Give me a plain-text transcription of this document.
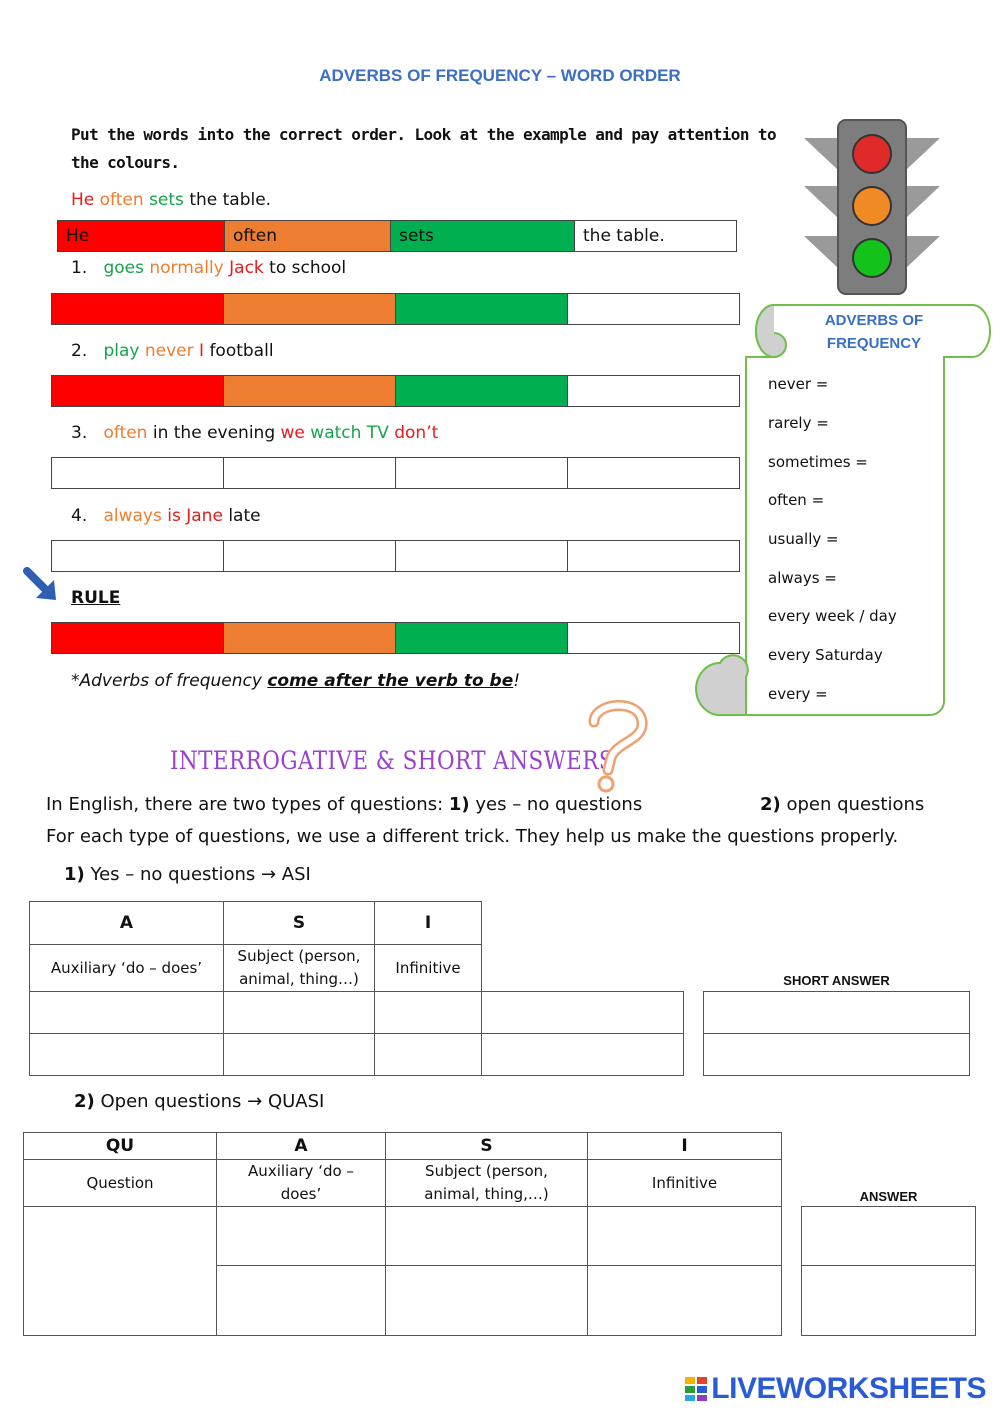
ADVERBS OF FREQUENCY – WORD ORDER
Put the words into the correct order. Look at the example and pay attention to the colours.
He often sets the table.
He	often	sets	the table.
1. goes normally Jack to school
2. play never I football
3. often in the evening we watch TV don’t
4. always is Jane late
RULE
*Adverbs of frequency come after the verb to be!
ADVERBS OF FREQUENCY
never =
rarely =
sometimes =
often =
usually =
always =
every week / day
every Saturday
every =
INTERROGATIVE & SHORT ANSWERS
In English, there are two types of questions: 1) yes – no questions	2) open questions
For each type of questions, we use a different trick. They help us make the questions properly.
1) Yes – no questions → ASI
A	S	I
Auxiliary ‘do – does’	Subject (person, animal, thing…)	Infinitive

SHORT ANSWER

2) Open questions → QUASI
QU	A	S	I
Question	Auxiliary ‘do – does’	Subject (person, animal, thing,…)	Infinitive

ANSWER

LIVEWORKSHEETS
